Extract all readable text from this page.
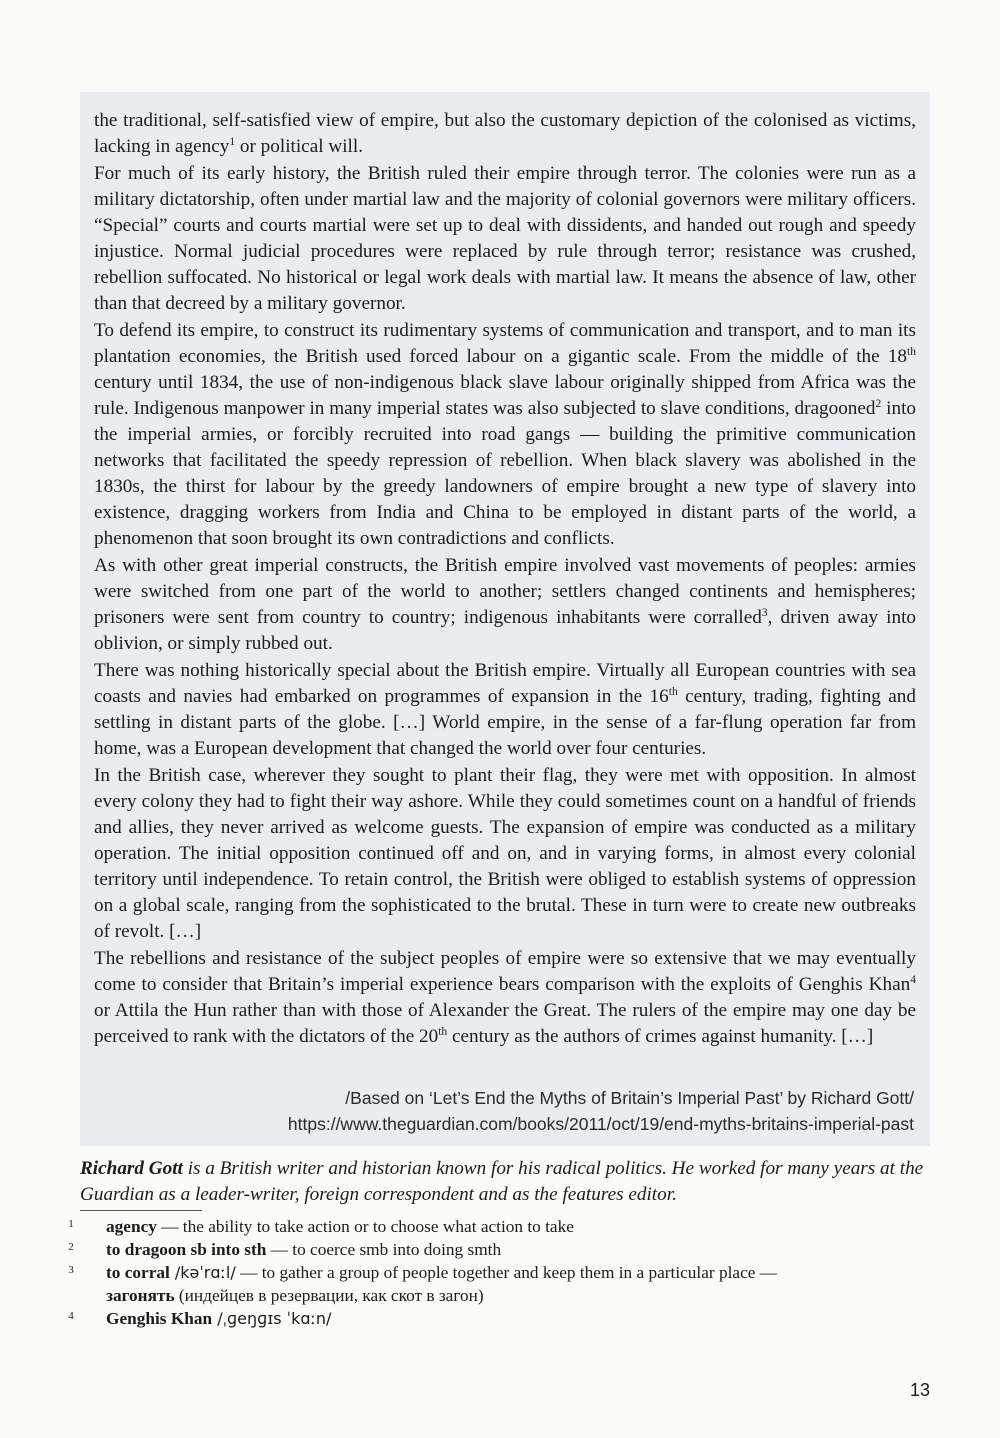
the traditional, self-satisfied view of empire, but also the customary depiction of the colonised as victims, lacking in agency$^1$ or political will.

For much of its early history, the British ruled their empire through terror. The colonies were run as a military dictatorship, often under martial law and the majority of colonial governors were military officers. “Special” courts and courts martial were set up to deal with dissidents, and handed out rough and speedy injustice. Normal judicial procedures were replaced by rule through terror; resistance was crushed, rebellion suffocated. No historical or legal work deals with martial law. It means the absence of law, other than that decreed by a military governor.

To defend its empire, to construct its rudimentary systems of communication and transport, and to man its plantation economies, the British used forced labour on a gigantic scale. From the middle of the 18th century until 1834, the use of non-indigenous black slave labour originally shipped from Africa was the rule. Indigenous manpower in many imperial states was also subjected to slave conditions, dragooned$^2$ into the imperial armies, or forcibly recruited into road gangs — building the primitive communication networks that facilitated the speedy repression of rebellion. When black slavery was abolished in the 1830s, the thirst for labour by the greedy landowners of empire brought a new type of slavery into existence, dragging workers from India and China to be employed in distant parts of the world, a phenomenon that soon brought its own contradictions and conflicts.

As with other great imperial constructs, the British empire involved vast movements of peoples: armies were switched from one part of the world to another; settlers changed continents and hemispheres; prisoners were sent from country to country; indigenous inhabitants were corralled$^3$, driven away into oblivion, or simply rubbed out.

There was nothing historically special about the British empire. Virtually all European countries with sea coasts and navies had embarked on programmes of expansion in the 16th century, trading, fighting and settling in distant parts of the globe. […] World empire, in the sense of a far-flung operation far from home, was a European development that changed the world over four centuries.

In the British case, wherever they sought to plant their flag, they were met with opposition. In almost every colony they had to fight their way ashore. While they could sometimes count on a handful of friends and allies, they never arrived as welcome guests. The expansion of empire was conducted as a military operation. The initial opposition continued off and on, and in varying forms, in almost every colonial territory until independence. To retain control, the British were obliged to establish systems of oppression on a global scale, ranging from the sophisticated to the brutal. These in turn were to create new outbreaks of revolt. […]

The rebellions and resistance of the subject peoples of empire were so extensive that we may eventually come to consider that Britain’s imperial experience bears comparison with the exploits of Genghis Khan$^4$ or Attila the Hun rather than with those of Alexander the Great. The rulers of the empire may one day be perceived to rank with the dictators of the 20th century as the authors of crimes against humanity. […]

/Based on ‘Let’s End the Myths of Britain’s Imperial Past’ by Richard Gott/
https://www.theguardian.com/books/2011/oct/19/end-myths-britains-imperial-past
Richard Gott is a British writer and historian known for his radical politics. He worked for many years at the Guardian as a leader-writer, foreign correspondent and as the features editor.
1 agency — the ability to take action or to choose what action to take
2 to dragoon sb into sth — to coerce smb into doing smth
3 to corral /kəˈrɑːl/ — to gather a group of people together and keep them in a particular place —
загонять (индейцев в резервации, как скот в загон)
4 Genghis Khan /ˌɡeŋɡɪs ˈkɑːn/
13
